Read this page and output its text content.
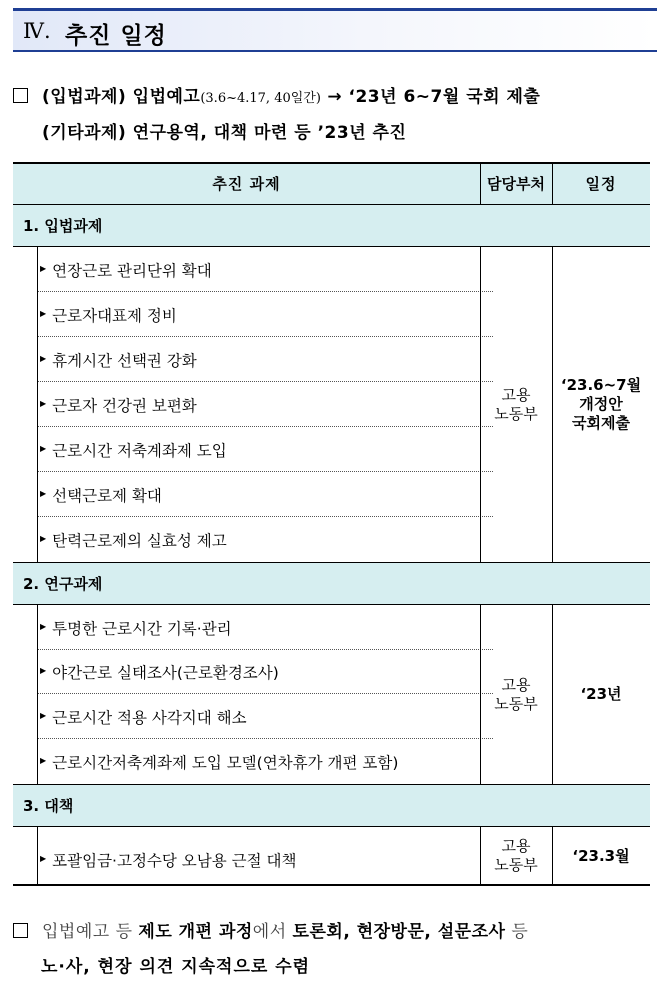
Ⅳ. 추진 일정
(입법과제) 입법예고(3.6~4.17, 40일간) → ‘23년 6~7월 국회 제출
(기타과제) 연구용역, 대책 마련 등 ’23년 추진
추진 과제	담당부처	일정
1. 입법과제
2. 연구과제
3. 대책
▶ 연장근로 관리단위 확대
▶ 근로자대표제 정비
▶ 휴게시간 선택권 강화
▶ 근로자 건강권 보편화
▶ 근로시간 저축계좌제 도입
▶ 선택근로제 확대
▶ 탄력근로제의 실효성 제고
고용
노동부
‘23.6~7월
개정안
국회제출
▶ 투명한 근로시간 기록·관리
▶ 야간근로 실태조사(근로환경조사)
▶ 근로시간 적용 사각지대 해소
▶ 근로시간저축계좌제 도입 모델(연차휴가 개편 포함)
고용
노동부
‘23년
▶ 포괄임금·고정수당 오남용 근절 대책
고용
노동부
‘23.3월
입법예고 등 제도 개편 과정에서 토론회, 현장방문, 설문조사 등
노·사, 현장 의견 지속적으로 수렴
